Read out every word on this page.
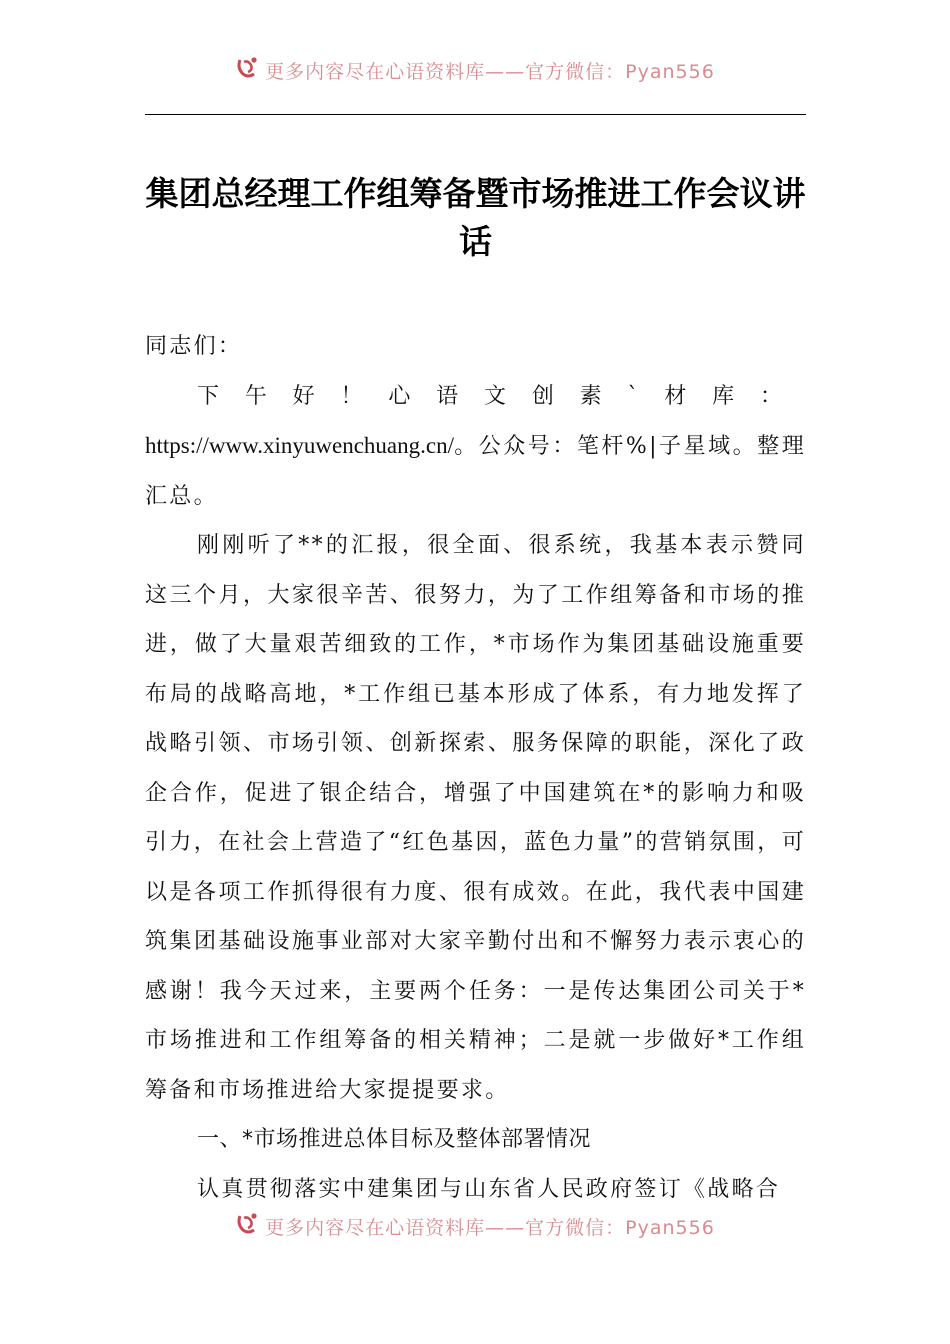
更多内容尽在心语资料库——官方微信：Pyan556
集团总经理工作组筹备暨市场推进工作会议讲话

同志们：

下午好！心语文创素`材库：https://www.xinyuwenchuang.cn/。公众号：笔杆%|子星域。整理汇总。

刚刚听了**的汇报，很全面、很系统，我基本表示赞同这三个月，大家很辛苦、很努力，为了工作组筹备和市场的推进，做了大量艰苦细致的工作，*市场作为集团基础设施重要布局的战略高地，*工作组已基本形成了体系，有力地发挥了战略引领、市场引领、创新探索、服务保障的职能，深化了政企合作，促进了银企结合，增强了中国建筑在*的影响力和吸引力，在社会上营造了“红色基因，蓝色力量”的营销氛围，可以是各项工作抓得很有力度、很有成效。在此，我代表中国建筑集团基础设施事业部对大家辛勤付出和不懈努力表示衷心的感谢！我今天过来，主要两个任务：一是传达集团公司关于*市场推进和工作组筹备的相关精神；二是就一步做好*工作组筹备和市场推进给大家提提要求。

一、*市场推进总体目标及整体部署情况

认真贯彻落实中建集团与山东省人民政府签订《战略合

更多内容尽在心语资料库——官方微信：Pyan556
